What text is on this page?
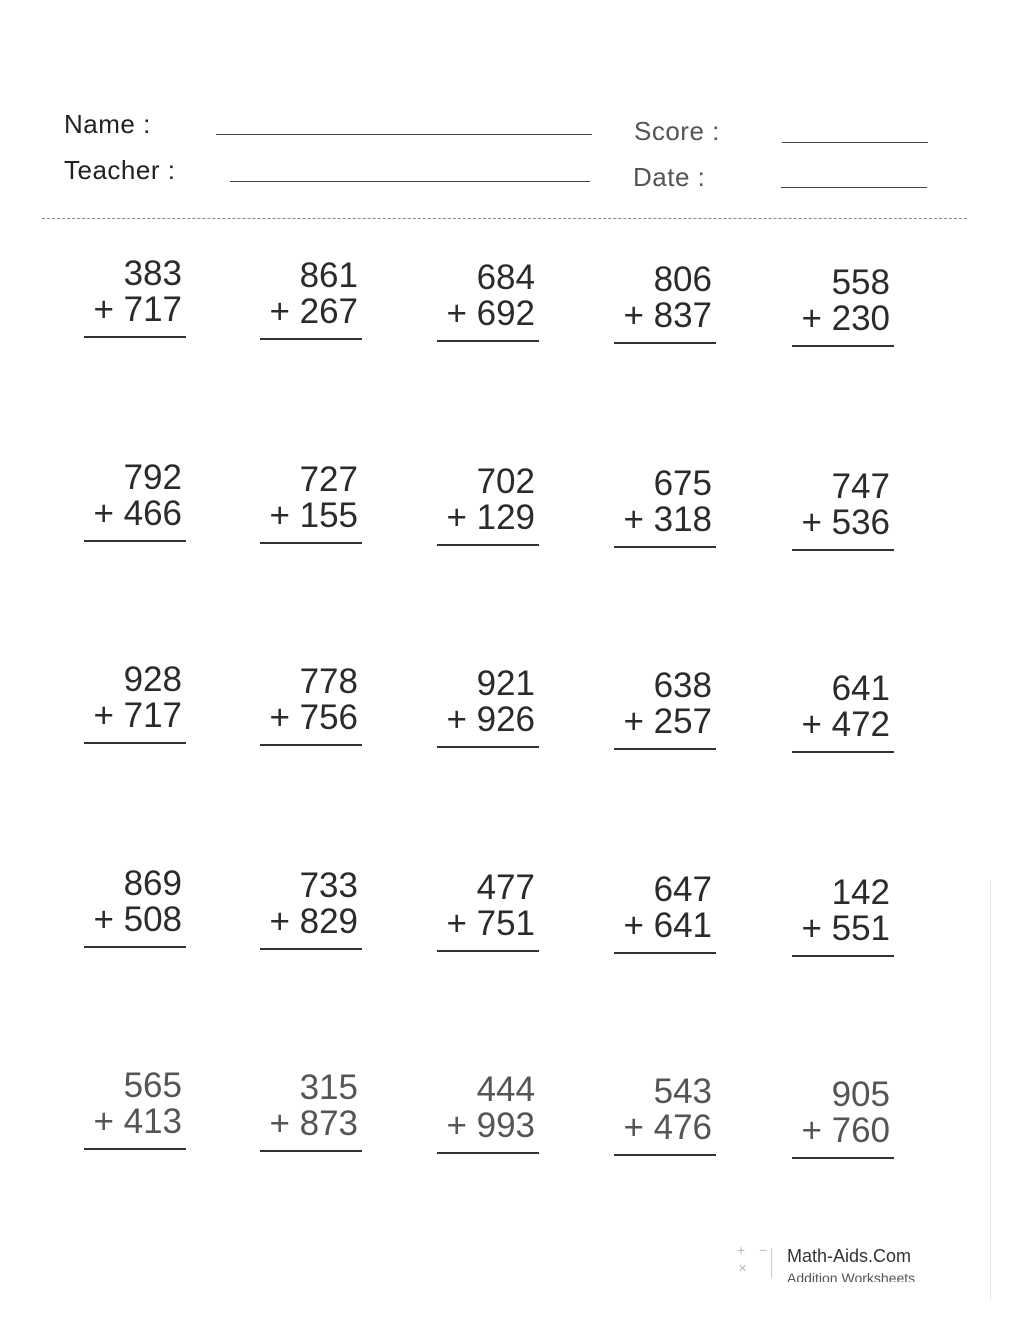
Name :
Teacher :
Score :
Date :
383
+ 717
861
+ 267
684
+ 692
806
+ 837
558
+ 230
792
+ 466
727
+ 155
702
+ 129
675
+ 318
747
+ 536
928
+ 717
778
+ 756
921
+ 926
638
+ 257
641
+ 472
869
+ 508
733
+ 829
477
+ 751
647
+ 641
142
+ 551
565
+ 413
315
+ 873
444
+ 993
543
+ 476
905
+ 760
+ −
✕
Math-Aids.Com
Addition Worksheets
